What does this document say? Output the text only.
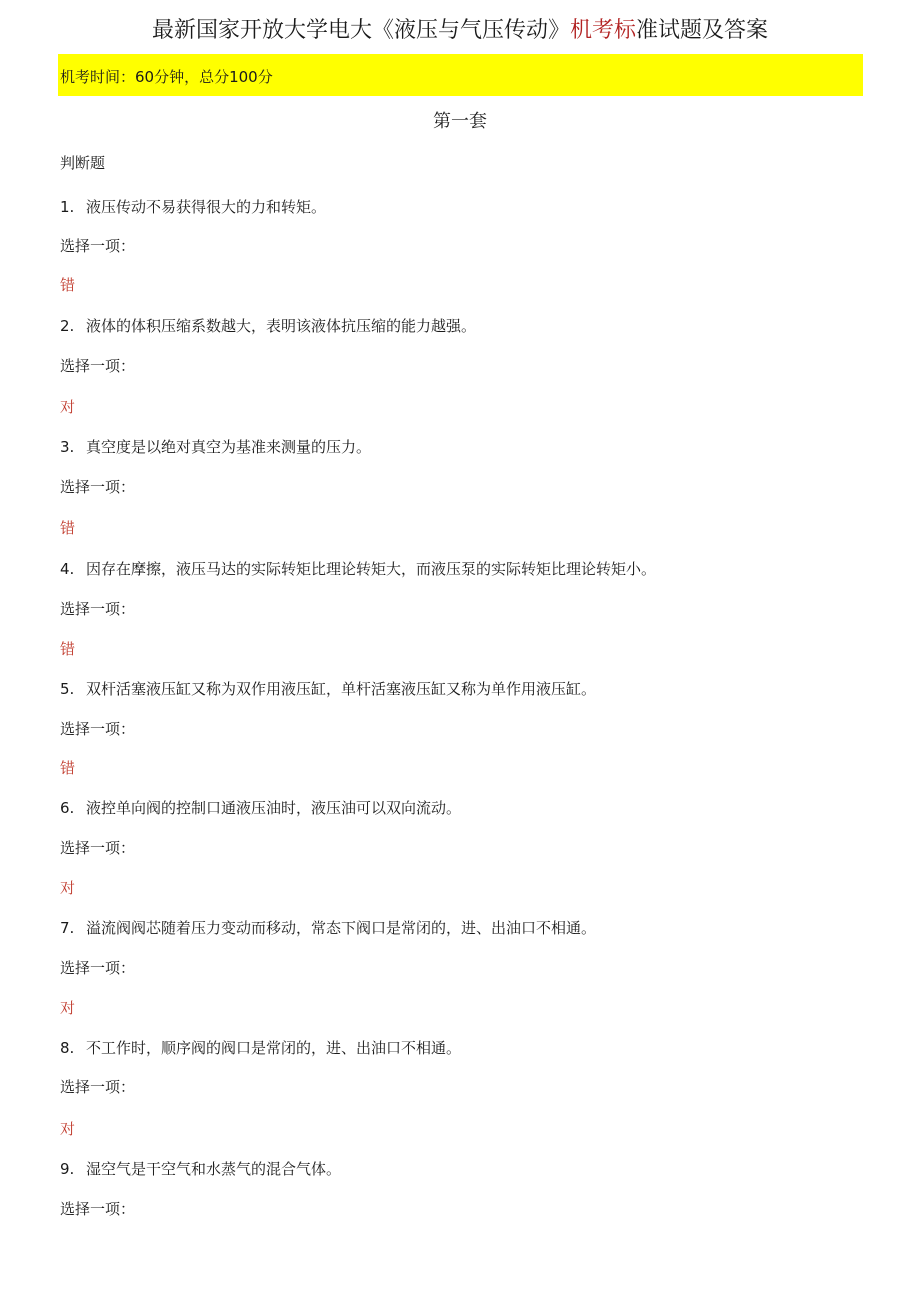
最新国家开放大学电大《液压与气压传动》机考标准试题及答案
机考时间：60分钟，总分100分
第一套
判断题
1. 液压传动不易获得很大的力和转矩。
选择一项：
错
2. 液体的体积压缩系数越大，表明该液体抗压缩的能力越强。
选择一项：
对
3. 真空度是以绝对真空为基准来测量的压力。
选择一项：
错
4. 因存在摩擦，液压马达的实际转矩比理论转矩大，而液压泵的实际转矩比理论转矩小。
选择一项：
错
5. 双杆活塞液压缸又称为双作用液压缸，单杆活塞液压缸又称为单作用液压缸。
选择一项：
错
6. 液控单向阀的控制口通液压油时，液压油可以双向流动。
选择一项：
对
7. 溢流阀阀芯随着压力变动而移动，常态下阀口是常闭的，进、出油口不相通。
选择一项：
对
8. 不工作时，顺序阀的阀口是常闭的，进、出油口不相通。
选择一项：
对
9. 湿空气是干空气和水蒸气的混合气体。
选择一项：
